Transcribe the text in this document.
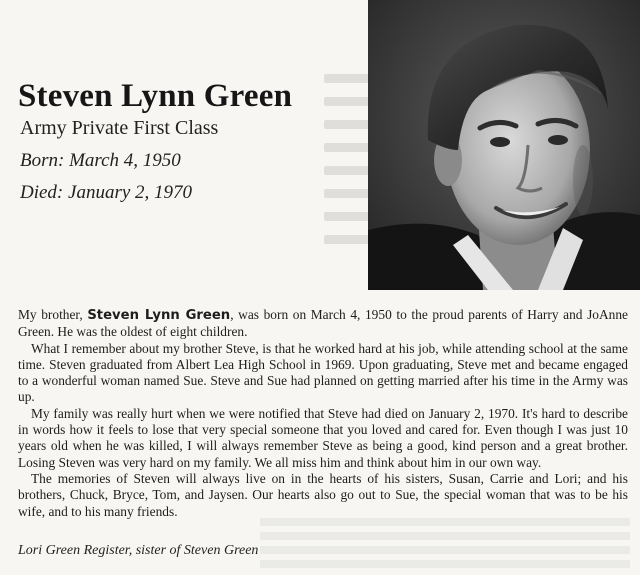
Steven Lynn Green
Army Private First Class
Born: March 4, 1950
Died: January 2, 1970

My brother, Steven Lynn Green, was born on March 4, 1950 to the proud parents of Harry and JoAnne Green. He was the oldest of eight children.

What I remember about my brother Steve, is that he worked hard at his job, while attending school at the same time. Steven graduated from Albert Lea High School in 1969. Upon graduating, Steve met and became engaged to a wonderful woman named Sue. Steve and Sue had planned on getting married after his time in the Army was up.

My family was really hurt when we were notified that Steve had died on January 2, 1970. It's hard to describe in words how it feels to lose that very special someone that you loved and cared for. Even though I was just 10 years old when he was killed, I will always remember Steve as being a good, kind person and a great brother. Losing Steven was very hard on my family. We all miss him and think about him in our own way.

The memories of Steven will always live on in the hearts of his sisters, Susan, Carrie and Lori; and his brothers, Chuck, Bryce, Tom, and Jaysen. Our hearts also go out to Sue, the special woman that was to be his wife, and to his many friends.

Lori Green Register, sister of Steven Green
